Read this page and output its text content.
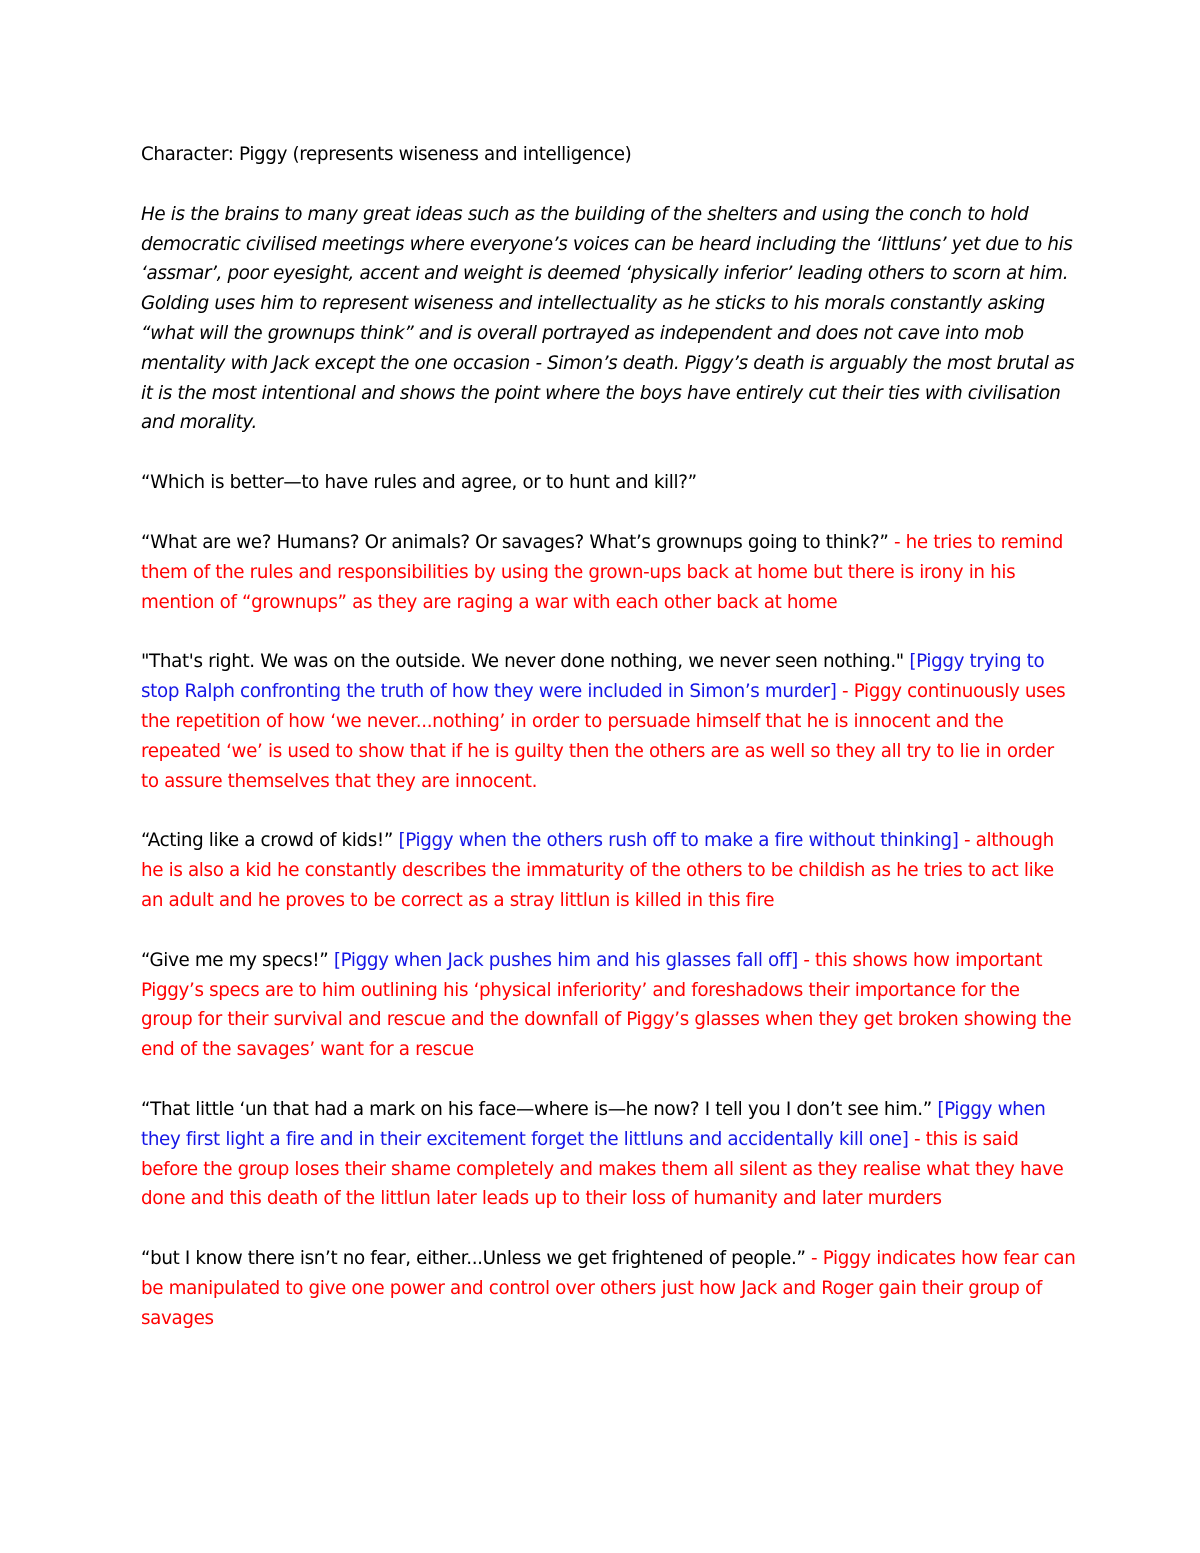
Character: Piggy (represents wiseness and intelligence)

He is the brains to many great ideas such as the building of the shelters and using the conch to hold democratic civilised meetings where everyone’s voices can be heard including the ‘littluns’ yet due to his ‘assmar’, poor eyesight, accent and weight is deemed ‘physically inferior’ leading others to scorn at him. Golding uses him to represent wiseness and intellectuality as he sticks to his morals constantly asking “what will the grownups think” and is overall portrayed as independent and does not cave into mob mentality with Jack except the one occasion - Simon’s death. Piggy’s death is arguably the most brutal as it is the most intentional and shows the point where the boys have entirely cut their ties with civilisation and morality.

“Which is better—to have rules and agree, or to hunt and kill?”

“What are we? Humans? Or animals? Or savages? What’s grownups going to think?” - he tries to remind them of the rules and responsibilities by using the grown-ups back at home but there is irony in his mention of “grownups” as they are raging a war with each other back at home

"That's right. We was on the outside. We never done nothing, we never seen nothing." [Piggy trying to stop Ralph confronting the truth of how they were included in Simon’s murder] - Piggy continuously uses the repetition of how ‘we never...nothing’ in order to persuade himself that he is innocent and the repeated ‘we’ is used to show that if he is guilty then the others are as well so they all try to lie in order to assure themselves that they are innocent.

“Acting like a crowd of kids!” [Piggy when the others rush off to make a fire without thinking] - although he is also a kid he constantly describes the immaturity of the others to be childish as he tries to act like an adult and he proves to be correct as a stray littlun is killed in this fire

“Give me my specs!” [Piggy when Jack pushes him and his glasses fall off] - this shows how important Piggy’s specs are to him outlining his ‘physical inferiority’ and foreshadows their importance for the group for their survival and rescue and the downfall of Piggy’s glasses when they get broken showing the end of the savages’ want for a rescue

“That little ‘un that had a mark on his face—where is—he now? I tell you I don’t see him.” [Piggy when they first light a fire and in their excitement forget the littluns and accidentally kill one] - this is said before the group loses their shame completely and makes them all silent as they realise what they have done and this death of the littlun later leads up to their loss of humanity and later murders

“but I know there isn’t no fear, either...Unless we get frightened of people.” - Piggy indicates how fear can be manipulated to give one power and control over others just how Jack and Roger gain their group of savages
